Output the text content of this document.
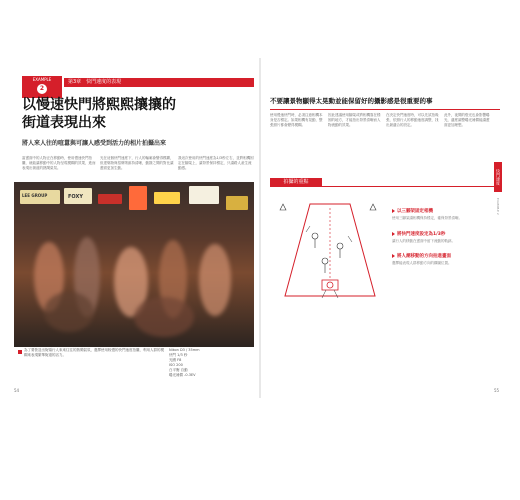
EXAMPLE
2
第3章　快門速度的表現
以慢速快門將熙熙攘攘的
街道表現出來
將人來人往的喧囂與可讓人感受到活力的相片拍攝出來
當畫面中的人物正在移動時，使用慢速快門拍攝，就能讓移動中的人物呈現模糊的效果，進而表現出街道的熱鬧氣氛。
光在這個快門速度下，行人的輪廓會變得模糊，但建築物與招牌則維持清晰，動靜之間的對比讓畫面更加生動。
我這次使用的快門速度為1/3秒左右，並將相機固定在腳架上，讓背景保持穩定，只讓路人產生流動感。
LEE GROUP	FOXY
為了要營造出街頭行人來來往往的熱鬧氣氛，選擇使用較慢的快門速度拍攝，利用人群的模糊來表現繁華街道的活力。
Nikon D3 / 35mm
快門 1/3 秒
光圈 F8
ISO 200
白平衡 自動
曝光補償 -0.3EV
54
不要讓景物顯得太晃動並能保留好的攝影感是很重要的事
使用慢速快門時，必須注意相機本身是否穩定。如果相機有晃動，整張照片都會變得模糊。
因此建議使用腳架或將相機靠在穩固的地方，才能拍出背景清晰而人物流動的效果。
在決定快門速度時，可以先試拍幾張，依照行人的移動速度調整，找出最適合的設定。
此外，夜間的燈光也會影響曝光，適度調整曝光補償能讓畫面更加理想。
快門速度
EXAMPLE 2
拍攝的重點
以三腳架固定相機
使用三腳架讓相機保持穩定，確保背景清晰。
將快門速度設定為1/3秒
讓行人的移動在畫面中留下流動的軌跡。
將人潮移動的方向拍進畫面
選擇能表現人群移動方向的構圖位置。
55
